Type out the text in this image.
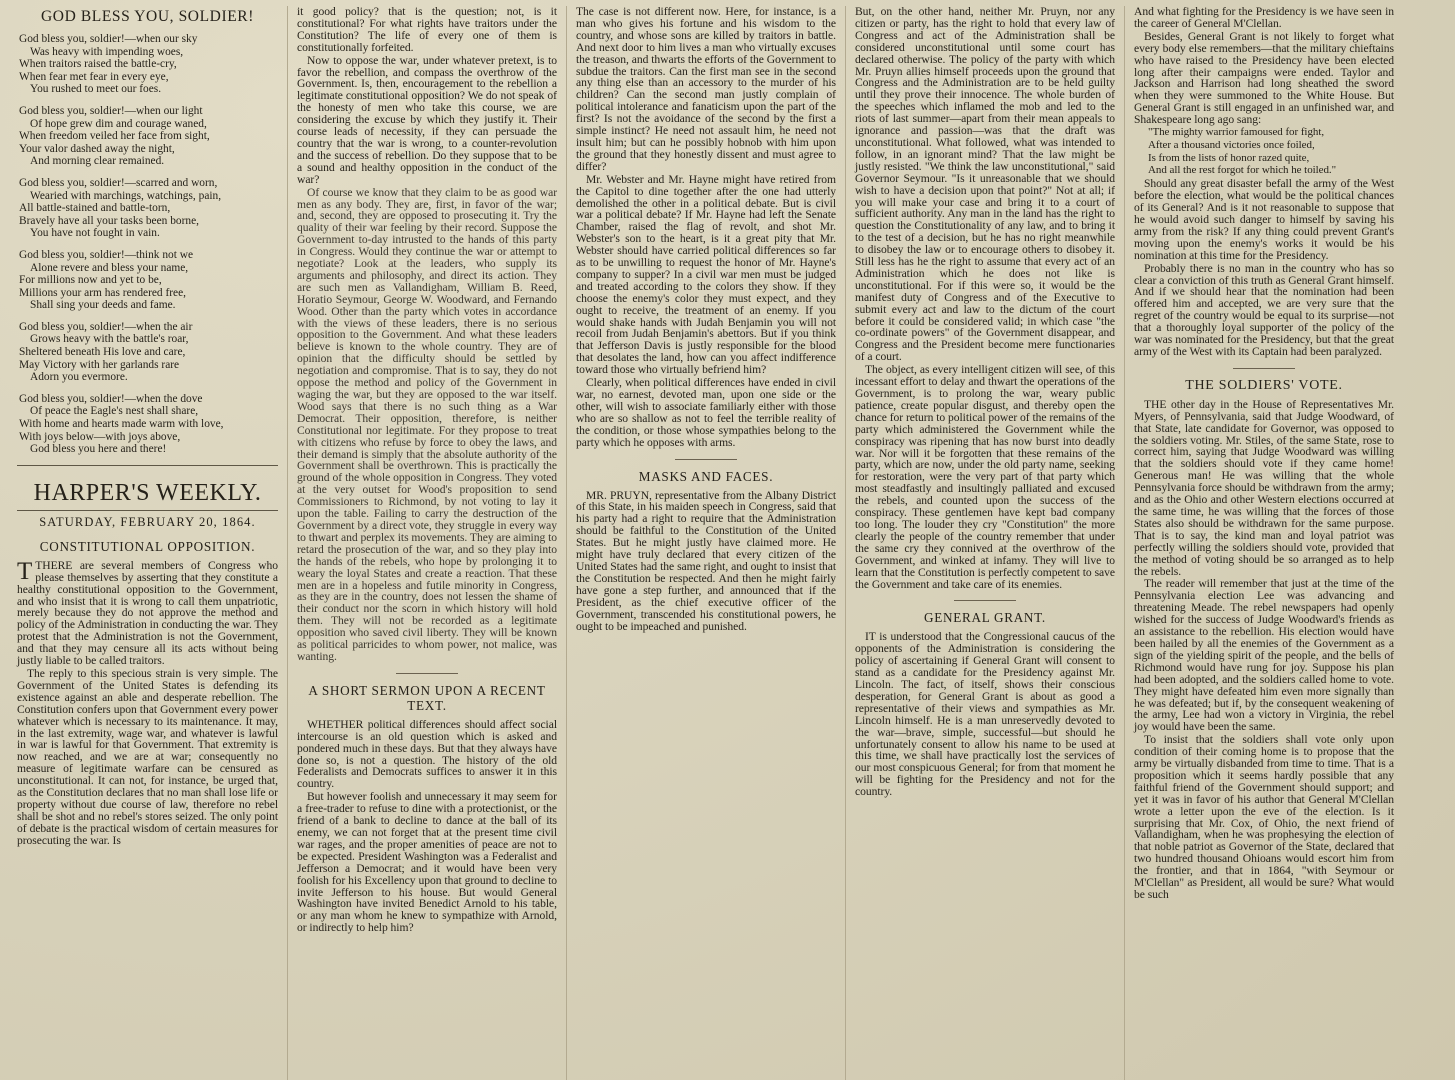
GOD BLESS YOU, SOLDIER!
God bless you, soldier!—when our sky
Was heavy with impending woes,
When traitors raised the battle-cry,
When fear met fear in every eye,
You rushed to meet our foes.
God bless you, soldier!—when our light
Of hope grew dim and courage waned,
When freedom veiled her face from sight,
Your valor dashed away the night,
And morning clear remained.
God bless you, soldier!—scarred and worn,
Wearied with marchings, watchings, pain,
All battle-stained and battle-torn,
Bravely have all your tasks been borne,
You have not fought in vain.
God bless you, soldier!—think not we
Alone revere and bless your name,
For millions now and yet to be,
Millions your arm has rendered free,
Shall sing your deeds and fame.
God bless you, soldier!—when the air
Grows heavy with the battle's roar,
Sheltered beneath His love and care,
May Victory with her garlands rare
Adorn you evermore.
God bless you, soldier!—when the dove
Of peace the Eagle's nest shall share,
With home and hearts made warm with love,
With joys below—with joys above,
God bless you here and there!
HARPER'S WEEKLY.
SATURDAY, FEBRUARY 20, 1864.
CONSTITUTIONAL OPPOSITION.

TTHERE are several members of Congress who please themselves by asserting that they constitute a healthy constitutional opposition to the Government, and who insist that it is wrong to call them unpatriotic, merely because they do not approve the method and policy of the Administration in conducting the war. They protest that the Administration is not the Government, and that they may censure all its acts without being justly liable to be called traitors.

The reply to this specious strain is very simple. The Government of the United States is defending its existence against an able and desperate rebellion. The Constitution confers upon that Government every power whatever which is necessary to its maintenance. It may, in the last extremity, wage war, and whatever is lawful in war is lawful for that Government. That extremity is now reached, and we are at war; consequently no measure of legitimate warfare can be censured as unconstitutional. It can not, for instance, be urged that, as the Constitution declares that no man shall lose life or property without due course of law, therefore no rebel shall be shot and no rebel's stores seized. The only point of debate is the practical wisdom of certain measures for prosecuting the war. Is

it good policy? that is the question; not, is it constitutional? For what rights have traitors under the Constitution? The life of every one of them is constitutionally forfeited.

Now to oppose the war, under whatever pretext, is to favor the rebellion, and compass the overthrow of the Government. Is, then, encouragement to the rebellion a legitimate constitutional opposition? We do not speak of the honesty of men who take this course, we are considering the excuse by which they justify it. Their course leads of necessity, if they can persuade the country that the war is wrong, to a counter-revolution and the success of rebellion. Do they suppose that to be a sound and healthy opposition in the conduct of the war?

Of course we know that they claim to be as good war men as any body. They are, first, in favor of the war; and, second, they are opposed to prosecuting it. Try the quality of their war feeling by their record. Suppose the Government to-day intrusted to the hands of this party in Congress. Would they continue the war or attempt to negotiate? Look at the leaders, who supply its arguments and philosophy, and direct its action. They are such men as Vallandigham, William B. Reed, Horatio Seymour, George W. Woodward, and Fernando Wood. Other than the party which votes in accordance with the views of these leaders, there is no serious opposition to the Government. And what these leaders believe is known to the whole country. They are of opinion that the difficulty should be settled by negotiation and compromise. That is to say, they do not oppose the method and policy of the Government in waging the war, but they are opposed to the war itself. Wood says that there is no such thing as a War Democrat. Their opposition, therefore, is neither Constitutional nor legitimate. For they propose to treat with citizens who refuse by force to obey the laws, and their demand is simply that the absolute authority of the Government shall be overthrown. This is practically the ground of the whole opposition in Congress. They voted at the very outset for Wood's proposition to send Commissioners to Richmond, by not voting to lay it upon the table. Failing to carry the destruction of the Government by a direct vote, they struggle in every way to thwart and perplex its movements. They are aiming to retard the prosecution of the war, and so they play into the hands of the rebels, who hope by prolonging it to weary the loyal States and create a reaction. That these men are in a hopeless and futile minority in Congress, as they are in the country, does not lessen the shame of their conduct nor the scorn in which history will hold them. They will not be recorded as a legitimate opposition who saved civil liberty. They will be known as political parricides to whom power, not malice, was wanting.

A SHORT SERMON UPON A RECENT TEXT.

WHETHER political differences should affect social intercourse is an old question which is asked and pondered much in these days. But that they always have done so, is not a question. The history of the old Federalists and Democrats suffices to answer it in this country.

But however foolish and unnecessary it may seem for a free-trader to refuse to dine with a protectionist, or the friend of a bank to decline to dance at the ball of its enemy, we can not forget that at the present time civil war rages, and the proper amenities of peace are not to be expected. President Washington was a Federalist and Jefferson a Democrat; and it would have been very foolish for his Excellency upon that ground to decline to invite Jefferson to his house. But would General Washington have invited Benedict Arnold to his table, or any man whom he knew to sympathize with Arnold, or indirectly to help him?

The case is not different now. Here, for instance, is a man who gives his fortune and his wisdom to the country, and whose sons are killed by traitors in battle. And next door to him lives a man who virtually excuses the treason, and thwarts the efforts of the Government to subdue the traitors. Can the first man see in the second any thing else than an accessory to the murder of his children? Can the second man justly complain of political intolerance and fanaticism upon the part of the first? Is not the avoidance of the second by the first a simple instinct? He need not assault him, he need not insult him; but can he possibly hobnob with him upon the ground that they honestly dissent and must agree to differ?

Mr. Webster and Mr. Hayne might have retired from the Capitol to dine together after the one had utterly demolished the other in a political debate. But is civil war a political debate? If Mr. Hayne had left the Senate Chamber, raised the flag of revolt, and shot Mr. Webster's son to the heart, is it a great pity that Mr. Webster should have carried political differences so far as to be unwilling to request the honor of Mr. Hayne's company to supper? In a civil war men must be judged and treated according to the colors they show. If they choose the enemy's color they must expect, and they ought to receive, the treatment of an enemy. If you would shake hands with Judah Benjamin you will not recoil from Judah Benjamin's abettors. But if you think that Jefferson Davis is justly responsible for the blood that desolates the land, how can you affect indifference toward those who virtually befriend him?

Clearly, when political differences have ended in civil war, no earnest, devoted man, upon one side or the other, will wish to associate familiarly either with those who are so shallow as not to feel the terrible reality of the condition, or those whose sympathies belong to the party which he opposes with arms.

MASKS AND FACES.

MR. PRUYN, representative from the Albany District of this State, in his maiden speech in Congress, said that his party had a right to require that the Administration should be faithful to the Constitution of the United States. But he might justly have claimed more. He might have truly declared that every citizen of the United States had the same right, and ought to insist that the Constitution be respected. And then he might fairly have gone a step further, and announced that if the President, as the chief executive officer of the Government, transcended his constitutional powers, he ought to be impeached and punished.

But, on the other hand, neither Mr. Pruyn, nor any citizen or party, has the right to hold that every law of Congress and act of the Administration shall be considered unconstitutional until some court has declared otherwise. The policy of the party with which Mr. Pruyn allies himself proceeds upon the ground that Congress and the Administration are to be held guilty until they prove their innocence. The whole burden of the speeches which inflamed the mob and led to the riots of last summer—apart from their mean appeals to ignorance and passion—was that the draft was unconstitutional. What followed, what was intended to follow, in an ignorant mind? That the law might be justly resisted. "We think the law unconstitutional," said Governor Seymour. "Is it unreasonable that we should wish to have a decision upon that point?" Not at all; if you will make your case and bring it to a court of sufficient authority. Any man in the land has the right to question the Constitutionality of any law, and to bring it to the test of a decision, but he has no right meanwhile to disobey the law or to encourage others to disobey it. Still less has he the right to assume that every act of an Administration which he does not like is unconstitutional. For if this were so, it would be the manifest duty of Congress and of the Executive to submit every act and law to the dictum of the court before it could be considered valid; in which case "the co-ordinate powers" of the Government disappear, and Congress and the President become mere functionaries of a court.

The object, as every intelligent citizen will see, of this incessant effort to delay and thwart the operations of the Government, is to prolong the war, weary public patience, create popular disgust, and thereby open the chance for return to political power of the remains of the party which administered the Government while the conspiracy was ripening that has now burst into deadly war. Nor will it be forgotten that these remains of the party, which are now, under the old party name, seeking for restoration, were the very part of that party which most steadfastly and insultingly palliated and excused the rebels, and counted upon the success of the conspiracy. These gentlemen have kept bad company too long. The louder they cry "Constitution" the more clearly the people of the country remember that under the same cry they connived at the overthrow of the Government, and winked at infamy. They will live to learn that the Constitution is perfectly competent to save the Government and take care of its enemies.

GENERAL GRANT.

IT is understood that the Congressional caucus of the opponents of the Administration is considering the policy of ascertaining if General Grant will consent to stand as a candidate for the Presidency against Mr. Lincoln. The fact, of itself, shows their conscious desperation, for General Grant is about as good a representative of their views and sympathies as Mr. Lincoln himself. He is a man unreservedly devoted to the war—brave, simple, successful—but should he unfortunately consent to allow his name to be used at this time, we shall have practically lost the services of our most conspicuous General; for from that moment he will be fighting for the Presidency and not for the country.

And what fighting for the Presidency is we have seen in the career of General M'Clellan.

Besides, General Grant is not likely to forget what every body else remembers—that the military chieftains who have raised to the Presidency have been elected long after their campaigns were ended. Taylor and Jackson and Harrison had long sheathed the sword when they were summoned to the White House. But General Grant is still engaged in an unfinished war, and Shakespeare long ago sang:

"The mighty warrior famoused for fight,

After a thousand victories once foiled,

Is from the lists of honor razed quite,

And all the rest forgot for which he toiled."

Should any great disaster befall the army of the West before the election, what would be the political chances of its General? And is it not reasonable to suppose that he would avoid such danger to himself by saving his army from the risk? If any thing could prevent Grant's moving upon the enemy's works it would be his nomination at this time for the Presidency.

Probably there is no man in the country who has so clear a conviction of this truth as General Grant himself. And if we should hear that the nomination had been offered him and accepted, we are very sure that the regret of the country would be equal to its surprise—not that a thoroughly loyal supporter of the policy of the war was nominated for the Presidency, but that the great army of the West with its Captain had been paralyzed.

THE SOLDIERS' VOTE.

THE other day in the House of Representatives Mr. Myers, of Pennsylvania, said that Judge Woodward, of that State, late candidate for Governor, was opposed to the soldiers voting. Mr. Stiles, of the same State, rose to correct him, saying that Judge Woodward was willing that the soldiers should vote if they came home! Generous man! He was willing that the whole Pennsylvania force should be withdrawn from the army; and as the Ohio and other Western elections occurred at the same time, he was willing that the forces of those States also should be withdrawn for the same purpose. That is to say, the kind man and loyal patriot was perfectly willing the soldiers should vote, provided that the method of voting should be so arranged as to help the rebels.

The reader will remember that just at the time of the Pennsylvania election Lee was advancing and threatening Meade. The rebel newspapers had openly wished for the success of Judge Woodward's friends as an assistance to the rebellion. His election would have been hailed by all the enemies of the Government as a sign of the yielding spirit of the people, and the bells of Richmond would have rung for joy. Suppose his plan had been adopted, and the soldiers called home to vote. They might have defeated him even more signally than he was defeated; but if, by the consequent weakening of the army, Lee had won a victory in Virginia, the rebel joy would have been the same.

To insist that the soldiers shall vote only upon condition of their coming home is to propose that the army be virtually disbanded from time to time. That is a proposition which it seems hardly possible that any faithful friend of the Government should support; and yet it was in favor of his author that General M'Clellan wrote a letter upon the eve of the election. Is it surprising that Mr. Cox, of Ohio, the next friend of Vallandigham, when he was prophesying the election of that noble patriot as Governor of the State, declared that two hundred thousand Ohioans would escort him from the frontier, and that in 1864, "with Seymour or M'Clellan" as President, all would be sure? What would be such
